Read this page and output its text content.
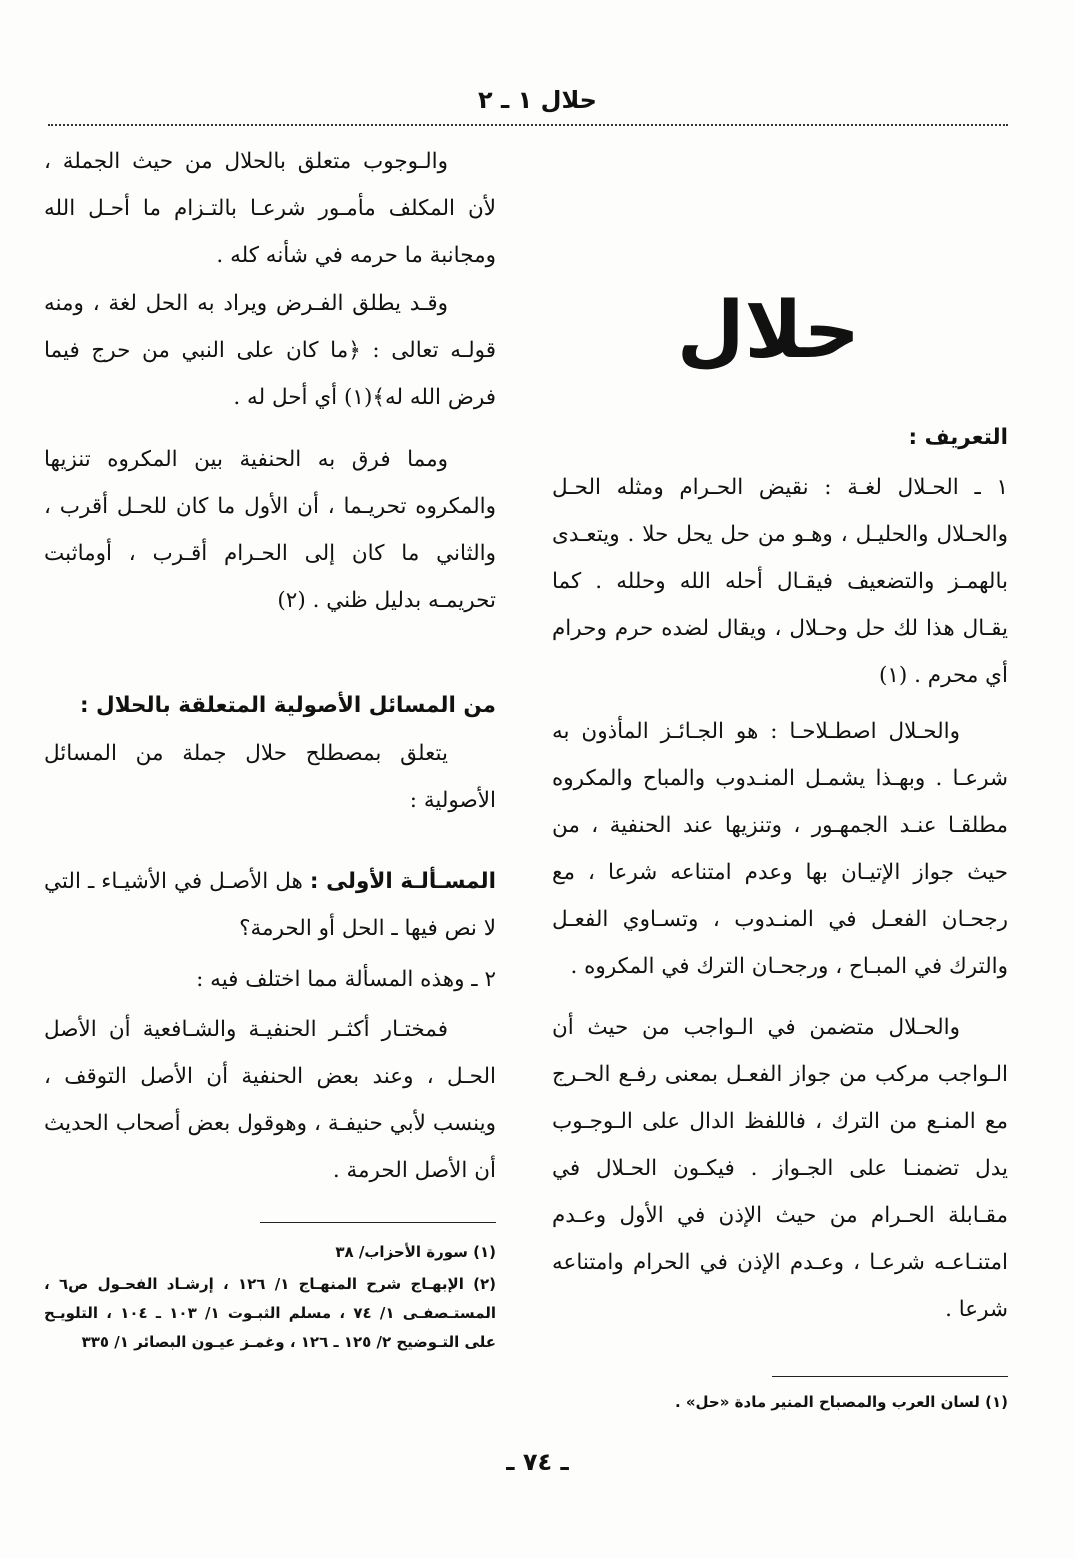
حلال ١ ـ ٢

والـوجوب متعلق بالحلال من حيث الجملة ، لأن المكلف مأمـور شرعـا بالتـزام ما أحـل الله ومجانبة ما حرمه في شأنه كله .

وقـد يطلق الفـرض ويراد به الحل لغة ، ومنه قولـه تعالى : ﴿ما كان على النبي من حرج فيما فرض الله له﴾(١) أي أحل له .

ومما فرق به الحنفية بين المكروه تنزيها والمكروه تحريـما ، أن الأول ما كان للحـل أقرب ، والثاني ما كان إلى الحـرام أقـرب ، أوماثبت تحريمـه بدليل ظني . (٢)

من المسائل الأصولية المتعلقة بالحلال :

يتعلق بمصطلح حلال جملة من المسائل الأصولية :

المسـألـة الأولى : هل الأصـل في الأشيـاء ـ التي لا نص فيها ـ الحل أو الحرمة؟

٢ ـ وهذه المسألة مما اختلف فيه :

فمختـار أكثـر الحنفيـة والشـافعية أن الأصل الحـل ، وعند بعض الحنفية أن الأصل التوقف ، وينسب لأبي حنيفـة ، وهوقول بعض أصحاب الحديث أن الأصل الحرمة .

(١) سورة الأحزاب/ ٣٨

(٢) الإبهـاج شرح المنهـاج ١/ ١٢٦ ، إرشـاد الفحـول ص٦ ، المستـصفـى ١/ ٧٤ ، مسلم الثبـوت ١/ ١٠٣ ـ ١٠٤ ، التلويـح على التـوضيح ٢/ ١٢٥ ـ ١٢٦ ، وغمـز عيـون البصائر ١/ ٣٣٥

حلال

التعريف :

١ ـ الحـلال لغـة : نقيض الحـرام ومثله الحـل والحـلال والحليـل ، وهـو من حل يحل حلا . ويتعـدى بالهمـز والتضعيف فيقـال أحله الله وحلله . كما يقـال هذا لك حل وحـلال ، ويقال لضده حرم وحرام أي محرم . (١)

والحـلال اصطـلاحـا : هو الجـائـز المأذون به شرعـا . وبهـذا يشمـل المنـدوب والمباح والمكروه مطلقـا عنـد الجمهـور ، وتنزيها عند الحنفية ، من حيث جواز الإتيـان بها وعدم امتناعه شرعا ، مع رجحـان الفعـل في المنـدوب ، وتسـاوي الفعـل والترك في المبـاح ، ورجحـان الترك في المكروه .

والحـلال متضمن في الـواجب من حيث أن الـواجب مركب من جواز الفعـل بمعنى رفـع الحـرج مع المنـع من الترك ، فاللفظ الدال على الـوجـوب يدل تضمنـا على الجـواز . فيكـون الحـلال في مقـابلة الحـرام من حيث الإذن في الأول وعـدم امتنـاعـه شرعـا ، وعـدم الإذن في الحرام وامتناعه شرعا .

(١) لسان العرب والمصباح المنير مادة «حل» .

ـ ٧٤ ـ
